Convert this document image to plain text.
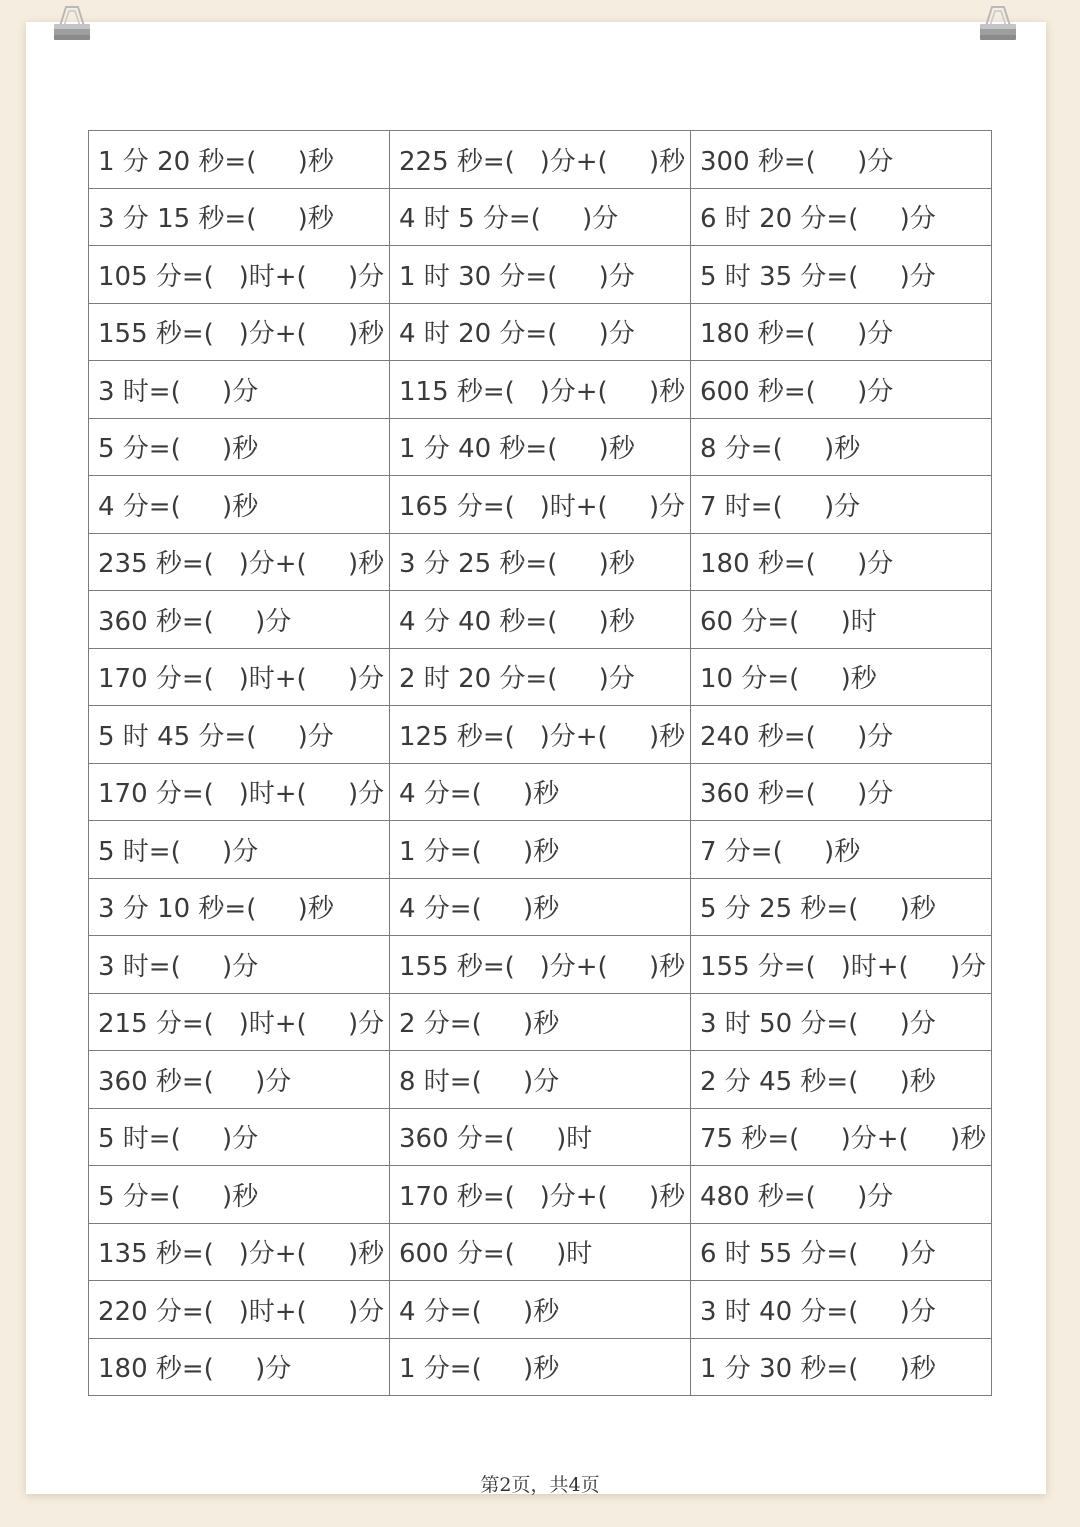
1 分 20 秒=(     )秒	225 秒=(   )分+(     )秒	300 秒=(     )分
3 分 15 秒=(     )秒	4 时 5 分=(     )分	6 时 20 分=(     )分
105 分=(   )时+(     )分	1 时 30 分=(     )分	5 时 35 分=(     )分
155 秒=(   )分+(     )秒	4 时 20 分=(     )分	180 秒=(     )分
3 时=(     )分	115 秒=(   )分+(     )秒	600 秒=(     )分
5 分=(     )秒	1 分 40 秒=(     )秒	8 分=(     )秒
4 分=(     )秒	165 分=(   )时+(     )分	7 时=(     )分
235 秒=(   )分+(     )秒	3 分 25 秒=(     )秒	180 秒=(     )分
360 秒=(     )分	4 分 40 秒=(     )秒	60 分=(     )时
170 分=(   )时+(     )分	2 时 20 分=(     )分	10 分=(     )秒
5 时 45 分=(     )分	125 秒=(   )分+(     )秒	240 秒=(     )分
170 分=(   )时+(     )分	4 分=(     )秒	360 秒=(     )分
5 时=(     )分	1 分=(     )秒	7 分=(     )秒
3 分 10 秒=(     )秒	4 分=(     )秒	5 分 25 秒=(     )秒
3 时=(     )分	155 秒=(   )分+(     )秒	155 分=(   )时+(     )分
215 分=(   )时+(     )分	2 分=(     )秒	3 时 50 分=(     )分
360 秒=(     )分	8 时=(     )分	2 分 45 秒=(     )秒
5 时=(     )分	360 分=(     )时	75 秒=(     )分+(     )秒
5 分=(     )秒	170 秒=(   )分+(     )秒	480 秒=(     )分
135 秒=(   )分+(     )秒	600 分=(     )时	6 时 55 分=(     )分
220 分=(   )时+(     )分	4 分=(     )秒	3 时 40 分=(     )分
180 秒=(     )分	1 分=(     )秒	1 分 30 秒=(     )秒
第2页，共4页
